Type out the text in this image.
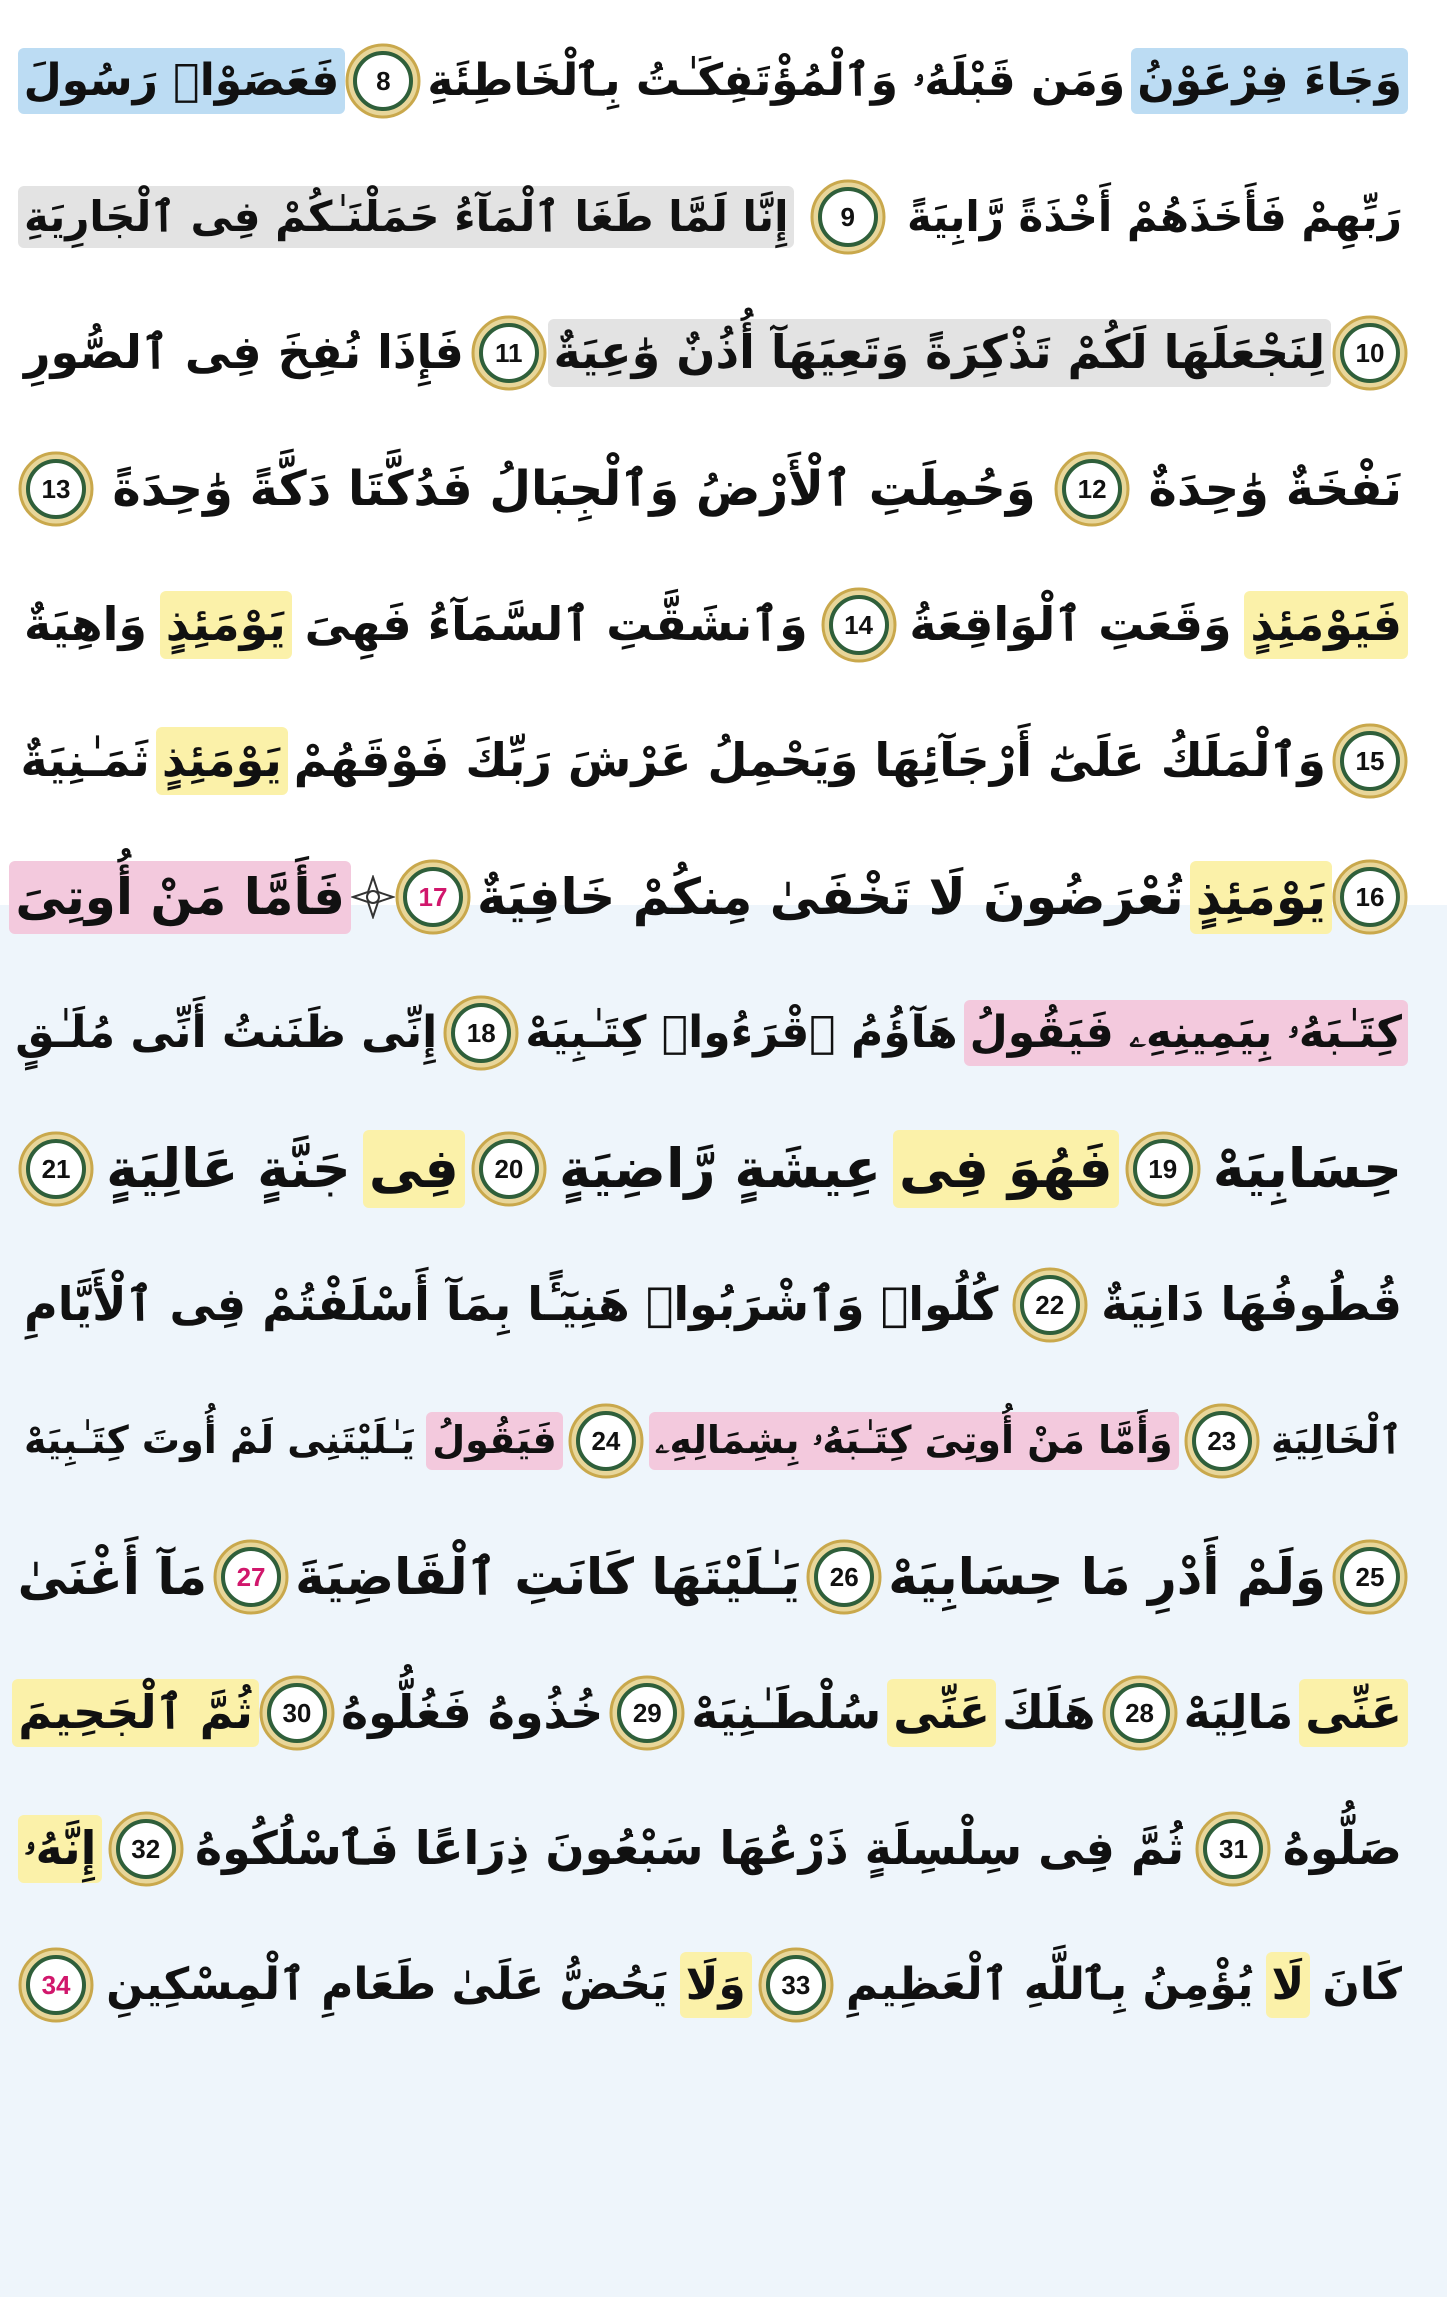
وَجَاءَ فِرْعَوْنُ
وَمَن قَبْلَهُۥ وَٱلْمُؤْتَفِكَـٰتُ بِٱلْخَاطِئَةِ
8
فَعَصَوْا۟ رَسُولَ
رَبِّهِمْ فَأَخَذَهُمْ أَخْذَةً رَّابِيَةً
9
إِنَّا لَمَّا طَغَا ٱلْمَآءُ حَمَلْنَـٰكُمْ فِى ٱلْجَارِيَةِ
10
لِنَجْعَلَهَا لَكُمْ تَذْكِرَةً وَتَعِيَهَآ أُذُنٌ وَٰعِيَةٌ
11
فَإِذَا نُفِخَ فِى ٱلصُّورِ
نَفْخَةٌ وَٰحِدَةٌ
12
وَحُمِلَتِ ٱلْأَرْضُ وَٱلْجِبَالُ فَدُكَّتَا دَكَّةً وَٰحِدَةً
13
فَيَوْمَئِذٍ
وَقَعَتِ ٱلْوَاقِعَةُ
14
وَٱنشَقَّتِ ٱلسَّمَآءُ فَهِىَ
يَوْمَئِذٍ
وَاهِيَةٌ
15
وَٱلْمَلَكُ عَلَىٰٓ أَرْجَآئِهَا وَيَحْمِلُ عَرْشَ رَبِّكَ فَوْقَهُمْ
يَوْمَئِذٍ
ثَمَـٰنِيَةٌ
16
يَوْمَئِذٍ
تُعْرَضُونَ لَا تَخْفَىٰ مِنكُمْ خَافِيَةٌ
17
فَأَمَّا مَنْ أُوتِىَ
كِتَـٰبَهُۥ بِيَمِينِهِۦ فَيَقُولُ
هَآؤُمُ ٱقْرَءُوا۟ كِتَـٰبِيَهْ
18
إِنِّى ظَنَنتُ أَنِّى مُلَـٰقٍ
حِسَابِيَهْ
19
فَهُوَ فِى
عِيشَةٍ رَّاضِيَةٍ
20
فِى
جَنَّةٍ عَالِيَةٍ
21
قُطُوفُهَا دَانِيَةٌ
22
كُلُوا۟ وَٱشْرَبُوا۟ هَنِيٓـًٔا بِمَآ أَسْلَفْتُمْ فِى ٱلْأَيَّامِ
ٱلْخَالِيَةِ
23
وَأَمَّا مَنْ أُوتِىَ كِتَـٰبَهُۥ بِشِمَالِهِۦ
24
فَيَقُولُ
يَـٰلَيْتَنِى لَمْ أُوتَ كِتَـٰبِيَهْ
25
وَلَمْ أَدْرِ مَا حِسَابِيَهْ
26
يَـٰلَيْتَهَا كَانَتِ ٱلْقَاضِيَةَ
27
مَآ أَغْنَىٰ
عَنِّى
مَالِيَهْ
28
هَلَكَ
عَنِّى
سُلْطَـٰنِيَهْ
29
خُذُوهُ فَغُلُّوهُ
30
ثُمَّ ٱلْجَحِيمَ
صَلُّوهُ
31
ثُمَّ فِى سِلْسِلَةٍ ذَرْعُهَا سَبْعُونَ ذِرَاعًا فَٱسْلُكُوهُ
32
إِنَّهُۥ
كَانَ
لَا
يُؤْمِنُ بِٱللَّهِ ٱلْعَظِيمِ
33
وَلَا
يَحُضُّ عَلَىٰ طَعَامِ ٱلْمِسْكِينِ
34
